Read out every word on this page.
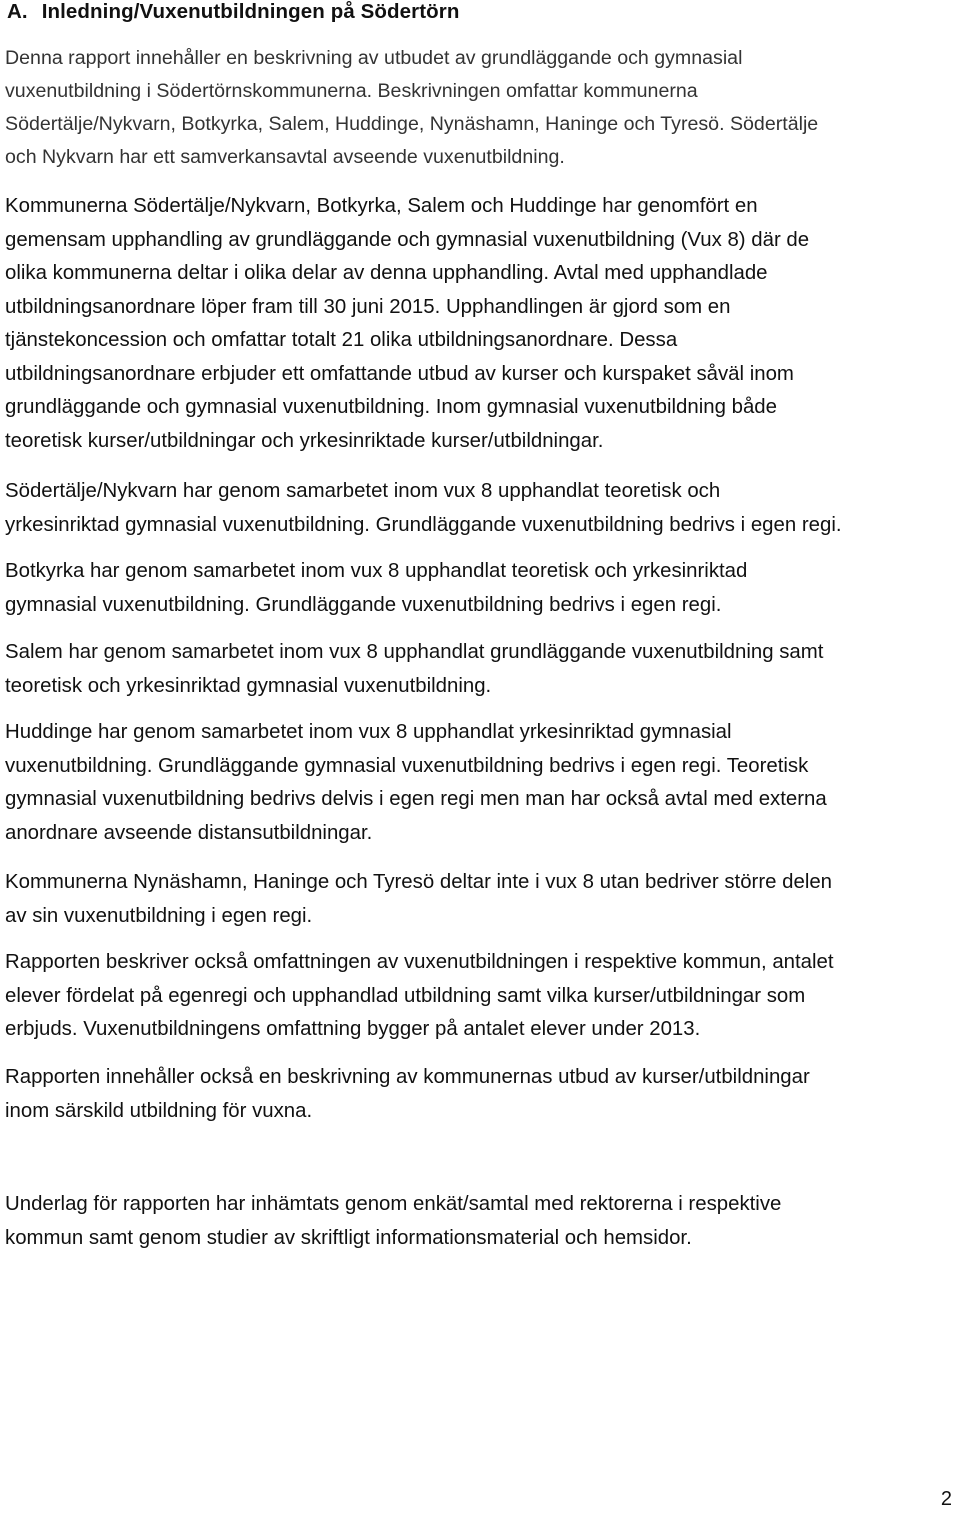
A. Inledning/Vuxenutbildningen på Södertörn

Denna rapport innehåller en beskrivning av utbudet av grundläggande och gymnasial
vuxenutbildning i Södertörnskommunerna. Beskrivningen omfattar kommunerna
Södertälje/Nykvarn, Botkyrka, Salem, Huddinge, Nynäshamn, Haninge och Tyresö. Södertälje
och Nykvarn har ett samverkansavtal avseende vuxenutbildning.

Kommunerna Södertälje/Nykvarn, Botkyrka, Salem och Huddinge har genomfört en
gemensam upphandling av grundläggande och gymnasial vuxenutbildning (Vux 8) där de
olika kommunerna deltar i olika delar av denna upphandling. Avtal med upphandlade
utbildningsanordnare löper fram till 30 juni 2015. Upphandlingen är gjord som en
tjänstekoncession och omfattar totalt 21 olika utbildningsanordnare. Dessa
utbildningsanordnare erbjuder ett omfattande utbud av kurser och kurspaket såväl inom
grundläggande och gymnasial vuxenutbildning. Inom gymnasial vuxenutbildning både
teoretisk kurser/utbildningar och yrkesinriktade kurser/utbildningar.

Södertälje/Nykvarn har genom samarbetet inom vux 8 upphandlat teoretisk och
yrkesinriktad gymnasial vuxenutbildning. Grundläggande vuxenutbildning bedrivs i egen regi.

Botkyrka har genom samarbetet inom vux 8 upphandlat teoretisk och yrkesinriktad
gymnasial vuxenutbildning. Grundläggande vuxenutbildning bedrivs i egen regi.

Salem har genom samarbetet inom vux 8 upphandlat grundläggande vuxenutbildning samt
teoretisk och yrkesinriktad gymnasial vuxenutbildning.

Huddinge har genom samarbetet inom vux 8 upphandlat yrkesinriktad gymnasial
vuxenutbildning. Grundläggande gymnasial vuxenutbildning bedrivs i egen regi. Teoretisk
gymnasial vuxenutbildning bedrivs delvis i egen regi men man har också avtal med externa
anordnare avseende distansutbildningar.

Kommunerna Nynäshamn, Haninge och Tyresö deltar inte i vux 8 utan bedriver större delen
av sin vuxenutbildning i egen regi.

Rapporten beskriver också omfattningen av vuxenutbildningen i respektive kommun, antalet
elever fördelat på egenregi och upphandlad utbildning samt vilka kurser/utbildningar som
erbjuds. Vuxenutbildningens omfattning bygger på antalet elever under 2013.

Rapporten innehåller också en beskrivning av kommunernas utbud av kurser/utbildningar
inom särskild utbildning för vuxna.

Underlag för rapporten har inhämtats genom enkät/samtal med rektorerna i respektive
kommun samt genom studier av skriftligt informationsmaterial och hemsidor.

2
